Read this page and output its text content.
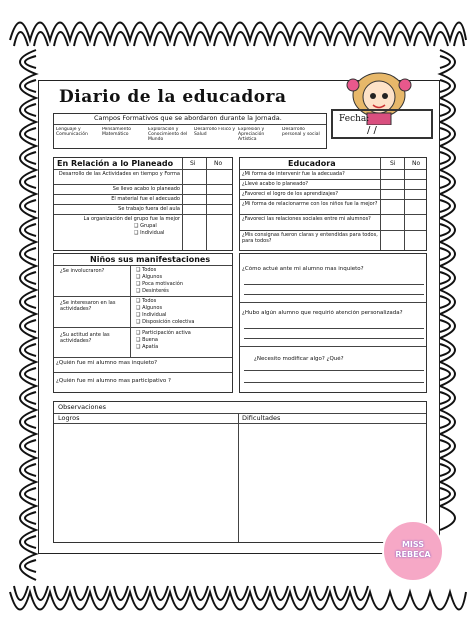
Diario de la educadora
Fecha:
/ /
Campos Formativos que se abordaron durante la Jornada.
Lenguaje y Comunicación
Pensamiento Matemático
Exploración y Conocimiento del Mundo
Desarrollo Físico y Salud
Expresión y Apreciación Artística
Desarrollo personal y social
En Relación a lo Planeado	Sí	No
Desarrollo de las Actividades en tiempo y Forma
Se llevo acabo lo planeado
El material fue el adecuado
Se trabajo fuera del aula
La organización del grupo fue la mejor
❑ Grupal
❑ Individual
Educadora	Sí	No
¿Mi forma de intervenir fue la adecuada?
¿Llevé acabo lo planeado?
¿Favorecí el logro de los aprendizajes?
¿Mi forma de relacionarme con los niños fue la mejor?
¿Favorecí las relaciones sociales entre mi alumnos?
¿Mis consignas fueron claras y entendidas para todos, para todos?
Niños sus manifestaciones
¿Se involucraron?	❑ Todos
❑ Algunos
❑ Poca motivación
❑ Desinterés
¿Se interesaron en las actividades?
❑ Todos
❑ Algunos
❑ Individual
❑ Disposición colectiva
¿Su actitud ante las actividades?
❑ Participación activa
❑ Buena
❑ Apatía
¿Quién fue mi alumno mas inquieto?
¿Quién fue mi alumno mas participativo ?
¿Cómo actué ante mi alumno mas inquieto?
¿Hubo algún alumno que requirió atención personalizada?
¿Necesito modificar algo? ¿Qué?
Observaciones
Logros	Dificultades
MISS REBECA
